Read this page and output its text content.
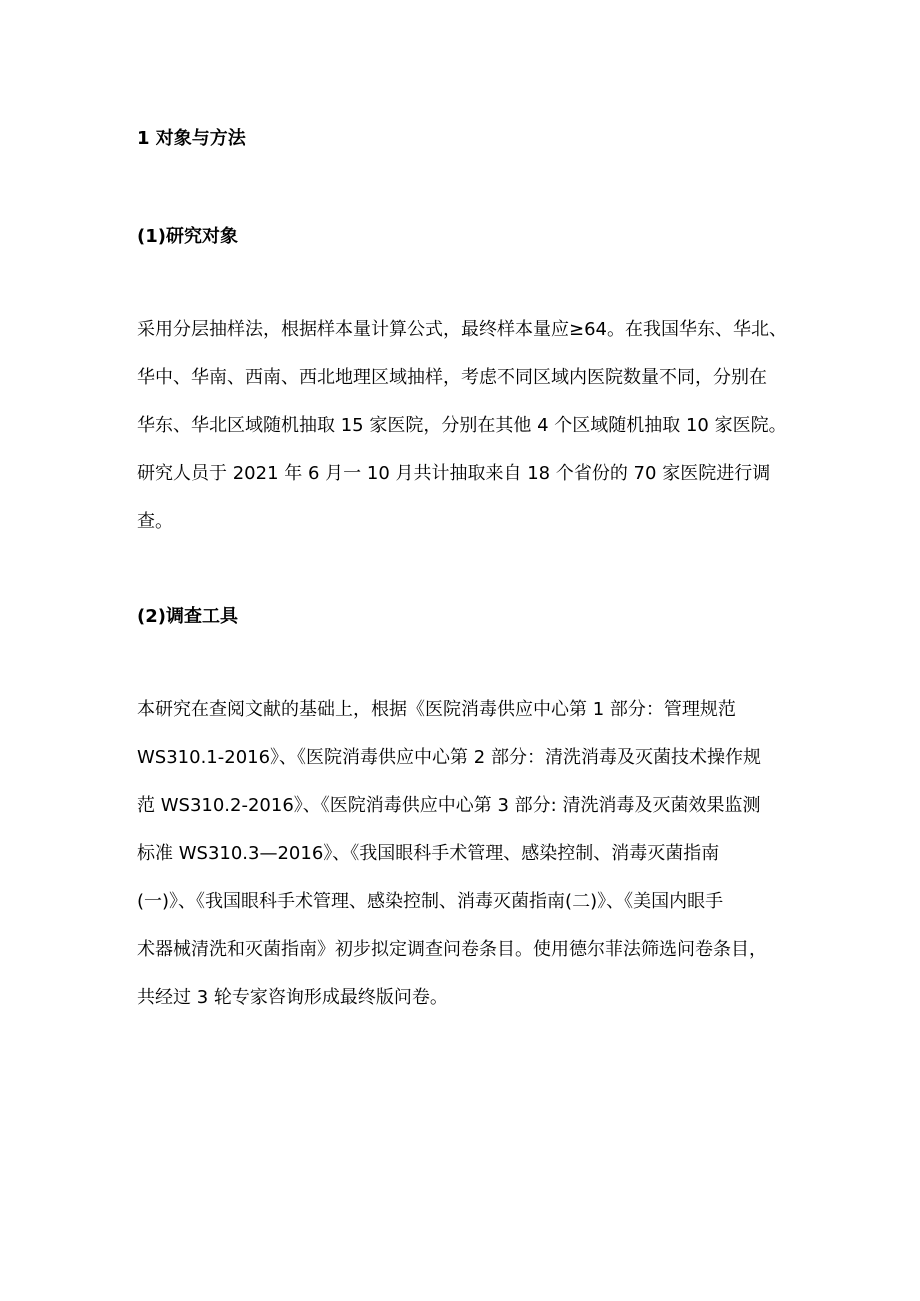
1 对象与方法
(1)研究对象

采用分层抽样法，根据样本量计算公式，最终样本量应≥64。在我国华东、华北、
华中、华南、西南、西北地理区域抽样，考虑不同区域内医院数量不同，分别在
华东、华北区域随机抽取 15 家医院，分别在其他 4 个区域随机抽取 10 家医院。
研究人员于 2021 年 6 月一 10 月共计抽取来自 18 个省份的 70 家医院进行调
查。

(2)调查工具

本研究在查阅文献的基础上，根据《医院消毒供应中心第 1 部分：管理规范
WS310.1-2016》、《医院消毒供应中心第 2 部分：清洗消毒及灭菌技术操作规
范 WS310.2-2016》、《医院消毒供应中心第 3 部分: 清洗消毒及灭菌效果监测
标准 WS310.3—2016》、《我国眼科手术管理、感染控制、消毒灭菌指南
(一)》、《我国眼科手术管理、感染控制、消毒灭菌指南(二)》、《美国内眼手
术器械清洗和灭菌指南》初步拟定调查问卷条目。使用德尔菲法筛选问卷条目，
共经过 3 轮专家咨询形成最终版问卷。
